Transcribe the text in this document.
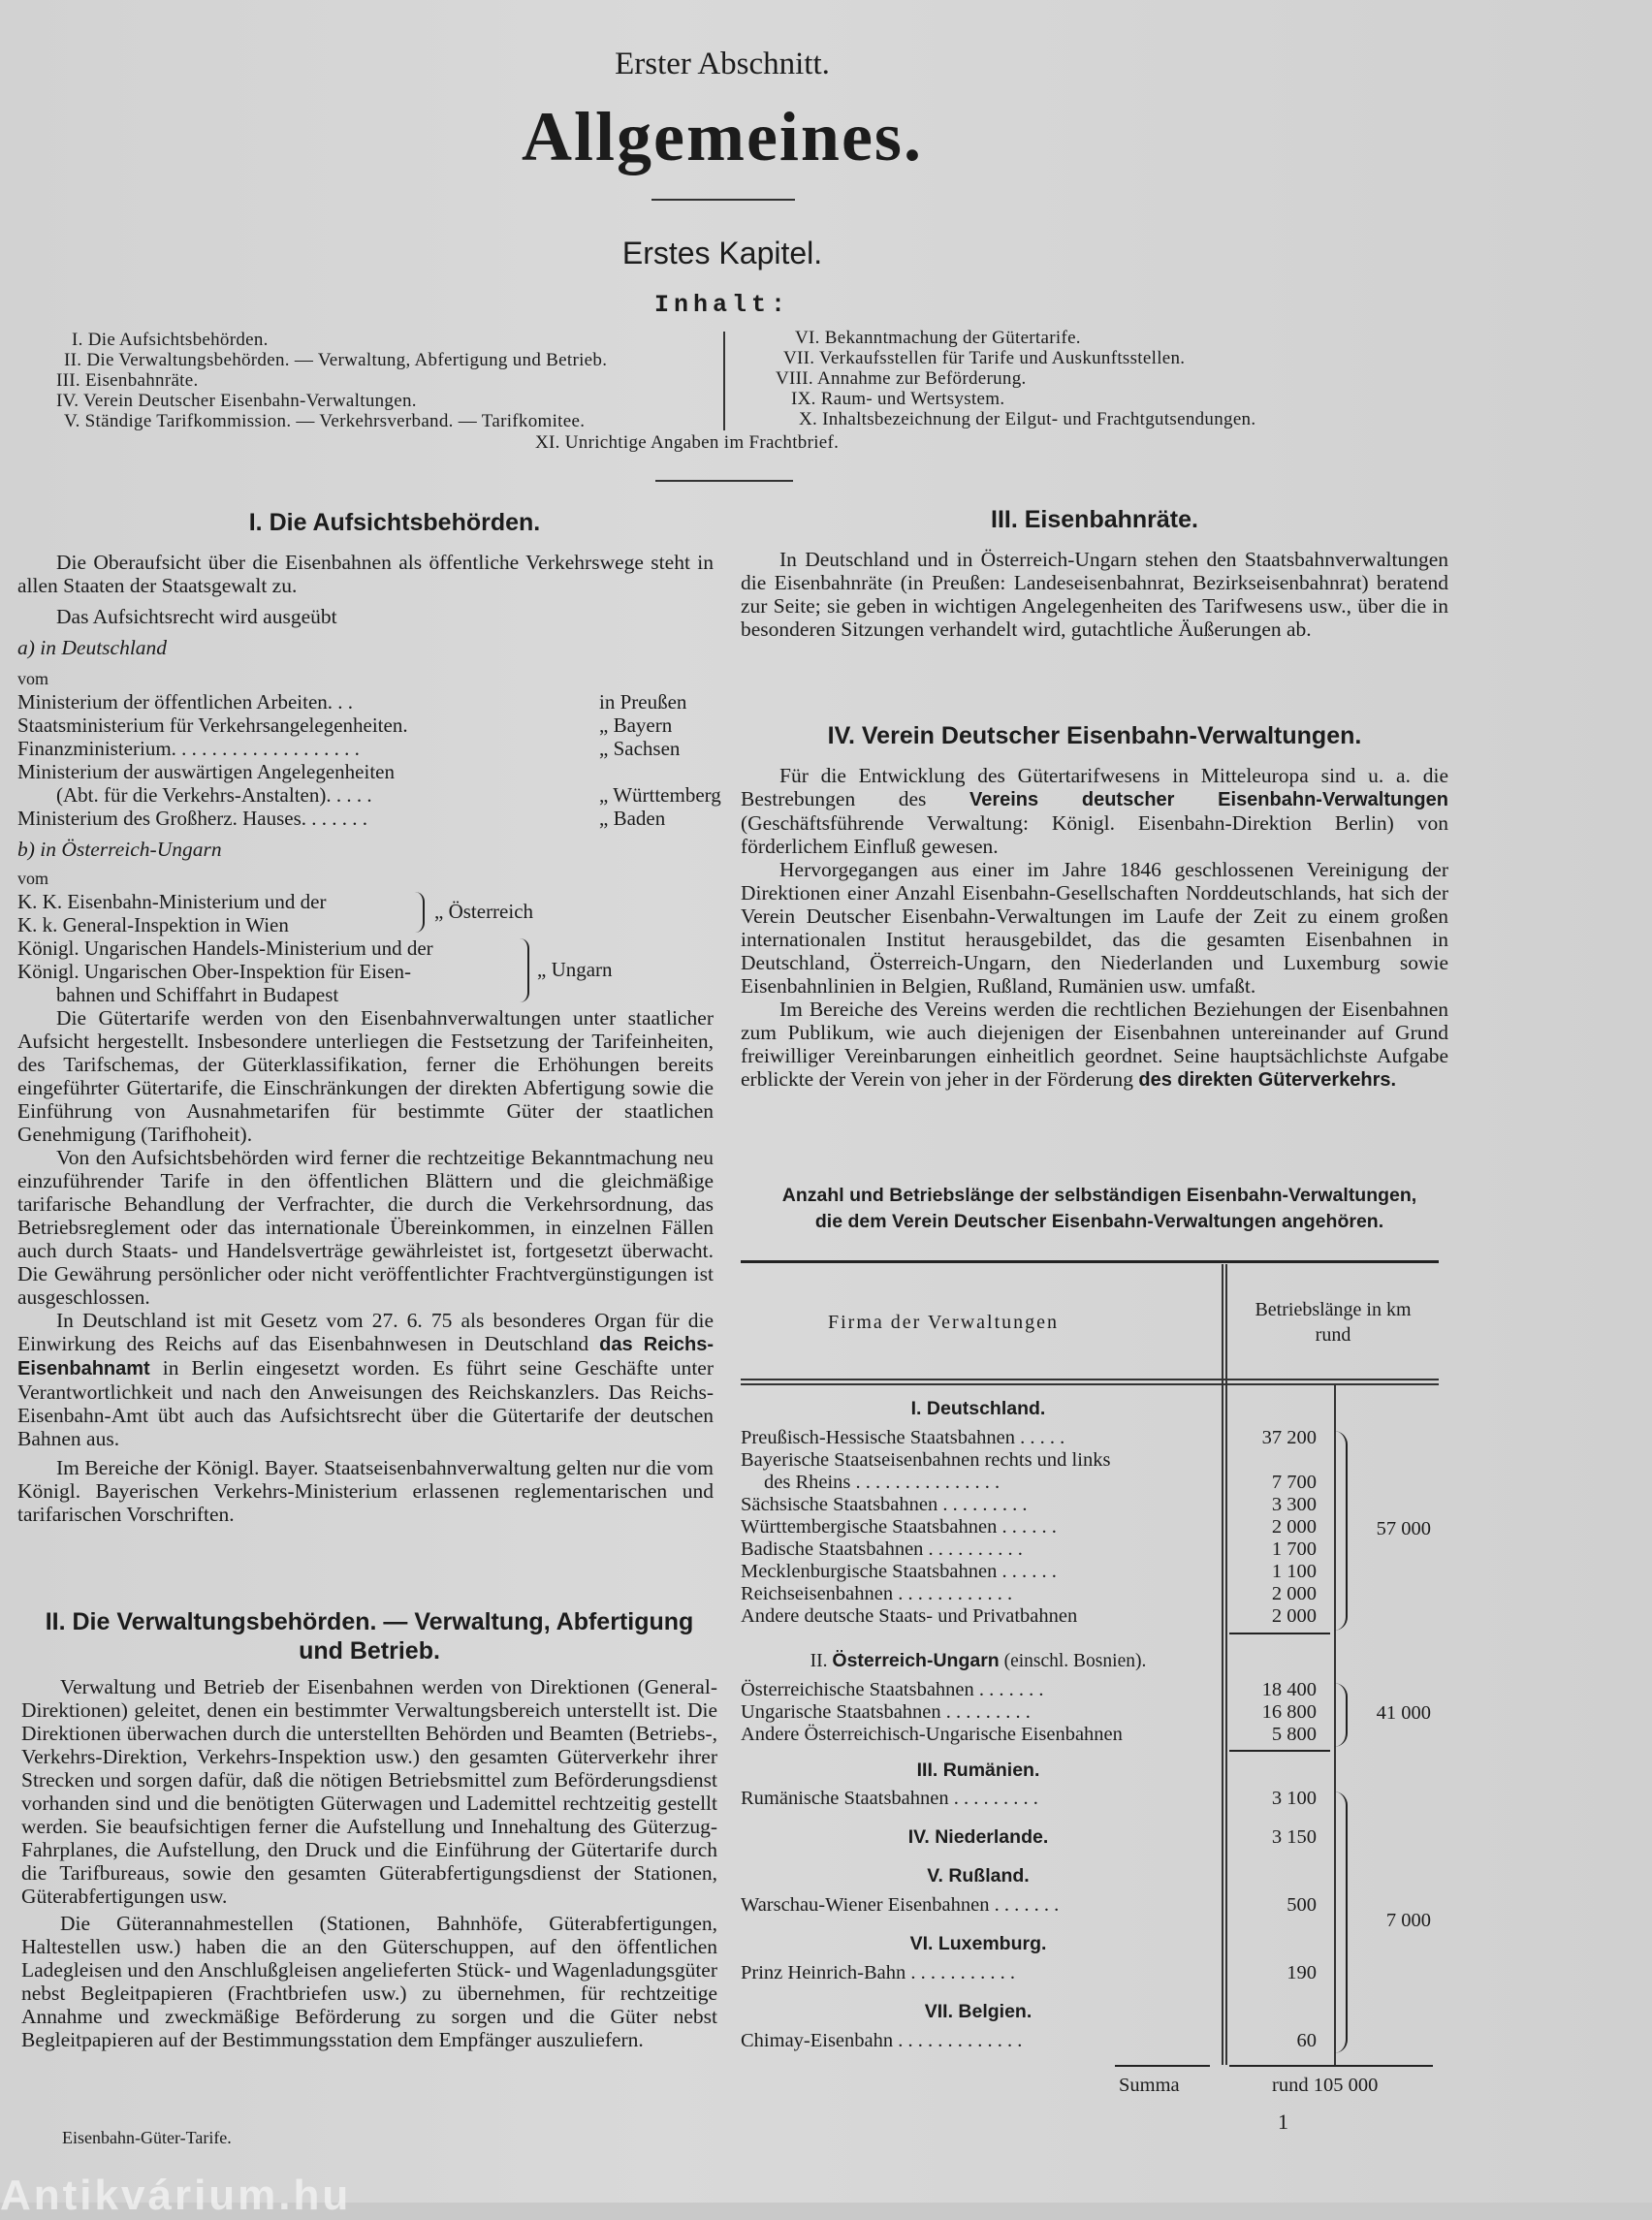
Erster Abschnitt.
Allgemeines.
Erstes Kapitel.
Inhalt:
I. Die Aufsichtsbehörden.
II. Die Verwaltungsbehörden. — Verwaltung, Abfertigung und Betrieb.
III. Eisenbahnräte.
IV. Verein Deutscher Eisenbahn-Verwaltungen.
V. Ständige Tarifkommission. — Verkehrsverband. — Tarifkomitee.
VI. Bekanntmachung der Gütertarife.
VII. Verkaufsstellen für Tarife und Auskunftsstellen.
VIII. Annahme zur Beförderung.
IX. Raum- und Wertsystem.
X. Inhaltsbezeichnung der Eilgut- und Frachtgutsendungen.
XI. Unrichtige Angaben im Frachtbrief.
I. Die Aufsichtsbehörden.

Die Oberaufsicht über die Eisenbahnen als öffentliche Verkehrswege steht in allen Staaten der Staatsgewalt zu.

Das Aufsichtsrecht wird ausgeübt

a) in Deutschland

vom

Ministerium der öffentlichen Arbeiten . . .	in Preußen
Staatsministerium für Verkehrsangelegenheiten .	„ Bayern
Finanzministerium . . . . . . . . . . . . . . . . . . .	„ Sachsen
Ministerium der auswärtigen Angelegenheiten
(Abt. für die Verkehrs-Anstalten) . . . . .	„ Württemberg
Ministerium des Großherz. Hauses . . . . . . .	„ Baden

b) in Österreich-Ungarn

vom

K. K. Eisenbahn-Ministerium und der
K. k. General-Inspektion in Wien
„ Österreich
Königl. Ungarischen Handels-Ministerium und der
Königl. Ungarischen Ober-Inspektion für Eisen-
bahnen und Schiffahrt in Budapest
„ Ungarn

Die Gütertarife werden von den Eisenbahnverwaltungen unter staatlicher Aufsicht hergestellt. Insbesondere unterliegen die Festsetzung der Tarifeinheiten, des Tarifschemas, der Güterklassifikation, ferner die Erhöhungen bereits eingeführter Gütertarife, die Einschränkungen der direkten Abfertigung sowie die Einführung von Ausnahmetarifen für bestimmte Güter der staatlichen Genehmigung (Tarifhoheit).

Von den Aufsichtsbehörden wird ferner die rechtzeitige Bekanntmachung neu einzuführender Tarife in den öffentlichen Blättern und die gleichmäßige tarifarische Behandlung der Verfrachter, die durch die Verkehrsordnung, das Betriebsreglement oder das internationale Übereinkommen, in einzelnen Fällen auch durch Staats- und Handelsverträge gewährleistet ist, fortgesetzt überwacht. Die Gewährung persönlicher oder nicht veröffentlichter Frachtvergünstigungen ist ausgeschlossen.

In Deutschland ist mit Gesetz vom 27. 6. 75 als besonderes Organ für die Einwirkung des Reichs auf das Eisenbahnwesen in Deutschland das Reichs-Eisenbahnamt in Berlin eingesetzt worden. Es führt seine Geschäfte unter Verantwortlichkeit und nach den Anweisungen des Reichskanzlers. Das Reichs-Eisenbahn-Amt übt auch das Aufsichtsrecht über die Gütertarife der deutschen Bahnen aus.

Im Bereiche der Königl. Bayer. Staatseisenbahnverwaltung gelten nur die vom Königl. Bayerischen Verkehrs-Ministerium erlassenen reglementarischen und tarifarischen Vorschriften.

II. Die Verwaltungsbehörden. — Verwaltung, Abfertigung
und Betrieb.

Verwaltung und Betrieb der Eisenbahnen werden von Direktionen (General-Direktionen) geleitet, denen ein bestimmter Verwaltungsbereich unterstellt ist. Die Direktionen überwachen durch die unterstellten Behörden und Beamten (Betriebs-, Verkehrs-Direktion, Verkehrs-Inspektion usw.) den gesamten Güterverkehr ihrer Strecken und sorgen dafür, daß die nötigen Betriebsmittel zum Beförderungsdienst vorhanden sind und die benötigten Güterwagen und Lademittel rechtzeitig gestellt werden. Sie beaufsichtigen ferner die Aufstellung und Innehaltung des Güterzug-Fahrplanes, die Aufstellung, den Druck und die Einführung der Gütertarife durch die Tarifbureaus, sowie den gesamten Güterabfertigungsdienst der Stationen, Güterabfertigungen usw.

Die Güterannahmestellen (Stationen, Bahnhöfe, Güterabfertigungen, Haltestellen usw.) haben die an den Güterschuppen, auf den öffentlichen Ladegleisen und den Anschlußgleisen angelieferten Stück- und Wagenladungsgüter nebst Begleitpapieren (Frachtbriefen usw.) zu übernehmen, für rechtzeitige Annahme und zweckmäßige Beförderung zu sorgen und die Güter nebst Begleitpapieren auf der Bestimmungsstation dem Empfänger auszuliefern.

Eisenbahn-Güter-Tarife.
III. Eisenbahnräte.

In Deutschland und in Österreich-Ungarn stehen den Staatsbahnverwaltungen die Eisenbahnräte (in Preußen: Landeseisenbahnrat, Bezirkseisenbahnrat) beratend zur Seite; sie geben in wichtigen Angelegenheiten des Tarifwesens usw., über die in besonderen Sitzungen verhandelt wird, gutachtliche Äußerungen ab.

IV. Verein Deutscher Eisenbahn-Verwaltungen.

Für die Entwicklung des Gütertarifwesens in Mitteleuropa sind u. a. die Bestrebungen des Vereins deutscher Eisenbahn-Verwaltungen (Geschäftsführende Verwaltung: Königl. Eisenbahn-Direktion Berlin) von förderlichem Einfluß gewesen.

Hervorgegangen aus einer im Jahre 1846 geschlossenen Vereinigung der Direktionen einer Anzahl Eisenbahn-Gesellschaften Norddeutschlands, hat sich der Verein Deutscher Eisenbahn-Verwaltungen im Laufe der Zeit zu einem großen internationalen Institut herausgebildet, das die gesamten Eisenbahnen in Deutschland, Österreich-Ungarn, den Niederlanden und Luxemburg sowie Eisenbahnlinien in Belgien, Rußland, Rumänien usw. umfaßt.

Im Bereiche des Vereins werden die rechtlichen Beziehungen der Eisenbahnen zum Publikum, wie auch diejenigen der Eisenbahnen untereinander auf Grund freiwilliger Vereinbarungen einheitlich geordnet. Seine hauptsächlichste Aufgabe erblickte der Verein von jeher in der Förderung des direkten Güterverkehrs.

Anzahl und Betriebslänge der selbständigen Eisenbahn-Verwaltungen,
die dem Verein Deutscher Eisenbahn-Verwaltungen angehören.
Firma der Verwaltungen
Betriebslänge in km
rund
I. Deutschland.
Preußisch-Hessische Staatsbahnen . . . . .	37 200
Bayerische Staatseisenbahnen rechts und links
des Rheins . . . . . . . . . . . . . . .	7 700
Sächsische Staatsbahnen . . . . . . . . .	3 300
Württembergische Staatsbahnen . . . . . .	2 000
Badische Staatsbahnen . . . . . . . . . .	1 700
Mecklenburgische Staatsbahnen . . . . . .	1 100
Reichseisenbahnen . . . . . . . . . . . .	2 000
Andere deutsche Staats- und Privatbahnen	2 000
57 000
II. Österreich-Ungarn (einschl. Bosnien).
Österreichische Staatsbahnen . . . . . . .	18 400
Ungarische Staatsbahnen . . . . . . . . .	16 800
Andere Österreichisch-Ungarische Eisenbahnen	5 800
41 000
III. Rumänien.
Rumänische Staatsbahnen . . . . . . . . .	3 100
IV. Niederlande.	3 150
V. Rußland.
Warschau-Wiener Eisenbahnen . . . . . . .	500
VI. Luxemburg.
Prinz Heinrich-Bahn . . . . . . . . . . .	190
VII. Belgien.
Chimay-Eisenbahn . . . . . . . . . . . . .	60
7 000
Summa	rund 105 000
1
Antikvárium.hu
